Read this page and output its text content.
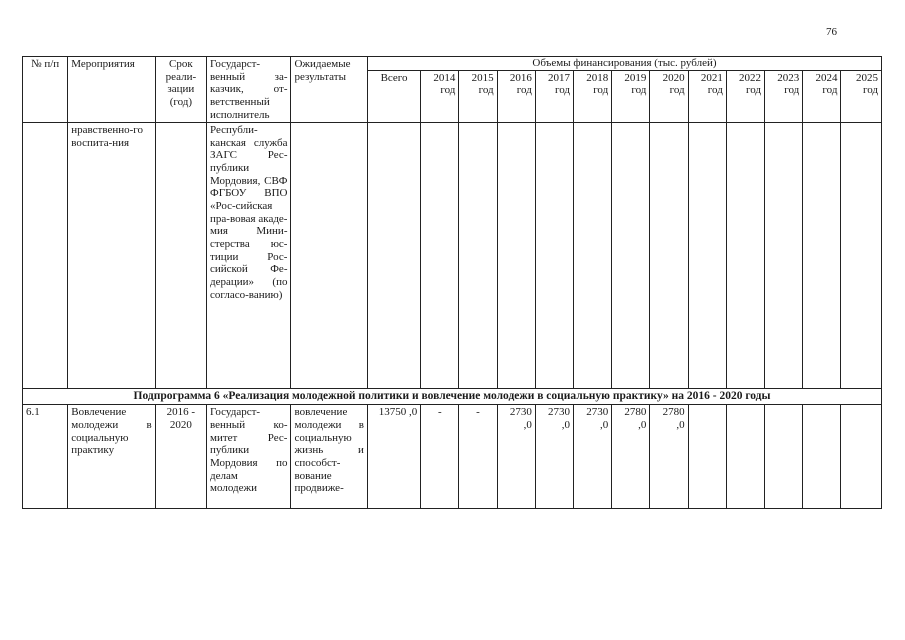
76
№ п/п	Мероприятия	Срок реали-зации (год)	Государст-венный за-казчик, от-ветственный исполнитель	Ожидаемые результаты	Объемы финансирования (тыс. рублей)												
					Всего	2014 год	2015 год	2016 год	2017 год	2018 год	2019 год	2020 год	2021 год	2022 год	2023 год	2024 год	2025 год
	нравственно-го воспита-ния		Республи-канская служба ЗАГС Рес-публики Мордовия, СВФ ФГБОУ ВПО «Рос-сийская пра-вовая акаде-мия Мини-стерства юс-тиции Рос-сийской Фе-дерации» (по согласо-ванию)														
Подпрограмма 6 «Реализация молодежной политики и вовлечение молодежи в социальную практику» на 2016 - 2020 годы																	
6.1	Вовлечение молодежи в социальную практику	2016 - 2020	Государст-венный ко-митет Рес-публики Мордовия по делам молодежи	вовлечение молодежи в социальную жизнь и способст-вование продвиже-	13750 ,0	-	-	2730 ,0	2730 ,0	2730 ,0	2780 ,0	2780 ,0					
